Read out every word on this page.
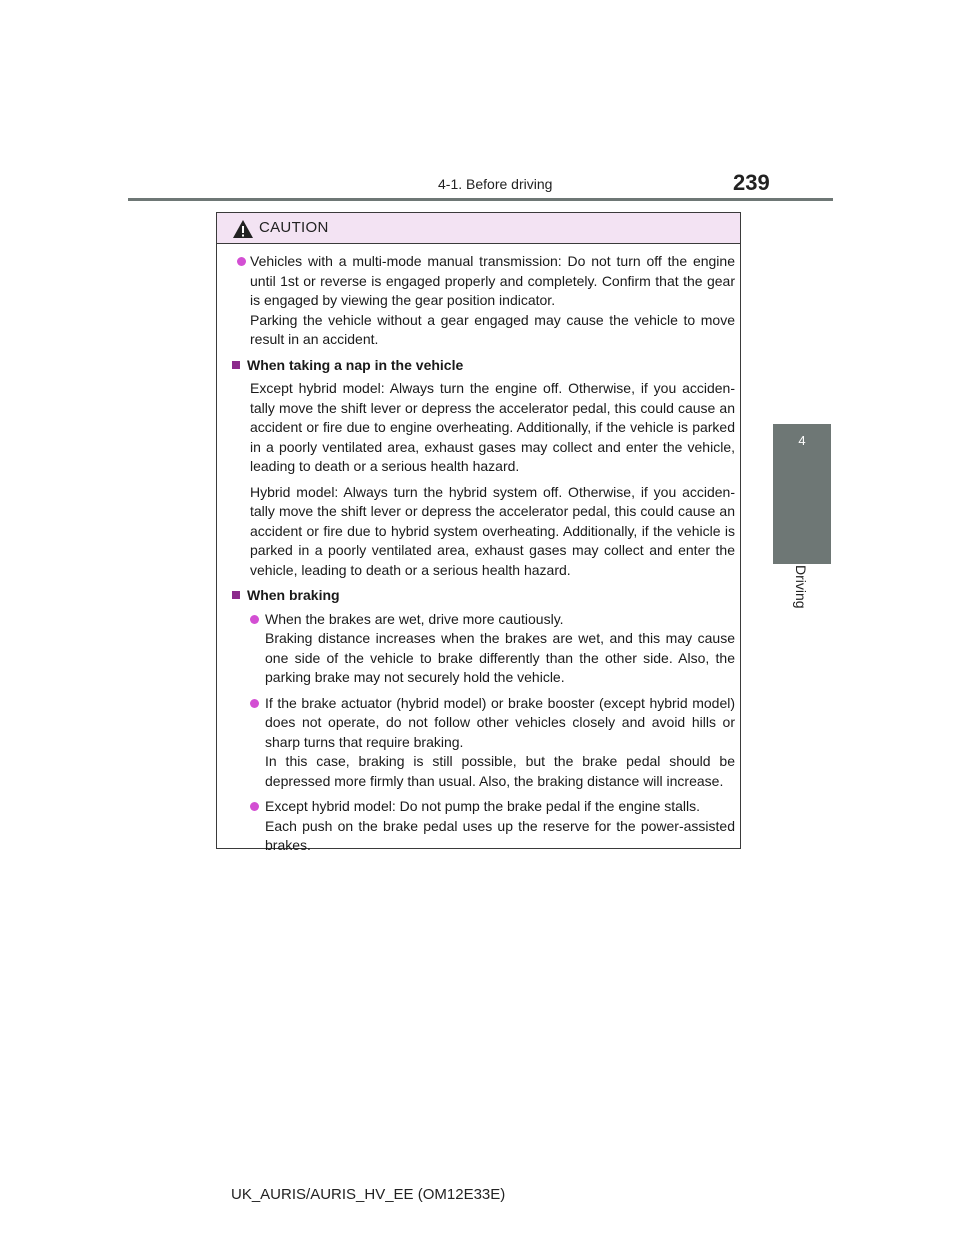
4-1. Before driving	239
4
Driving
CAUTION
Vehicles with a multi-mode manual transmission: Do not turn off the engine until 1st or reverse is engaged properly and completely. Confirm that the gear is engaged by viewing the gear position indicator.
Parking the vehicle without a gear engaged may cause the vehicle to move result in an accident.
When taking a nap in the vehicle
Except hybrid model: Always turn the engine off. Otherwise, if you acciden-tally move the shift lever or depress the accelerator pedal, this could cause an accident or fire due to engine overheating. Additionally, if the vehicle is parked in a poorly ventilated area, exhaust gases may collect and enter the vehicle, leading to death or a serious health hazard.
Hybrid model: Always turn the hybrid system off. Otherwise, if you acciden-tally move the shift lever or depress the accelerator pedal, this could cause an accident or fire due to hybrid system overheating. Additionally, if the vehicle is parked in a poorly ventilated area, exhaust gases may collect and enter the vehicle, leading to death or a serious health hazard.
When braking
When the brakes are wet, drive more cautiously.
Braking distance increases when the brakes are wet, and this may cause one side of the vehicle to brake differently than the other side. Also, the parking brake may not securely hold the vehicle.
If the brake actuator (hybrid model) or brake booster (except hybrid model) does not operate, do not follow other vehicles closely and avoid hills or sharp turns that require braking.
In this case, braking is still possible, but the brake pedal should be depressed more firmly than usual. Also, the braking distance will increase.
Except hybrid model: Do not pump the brake pedal if the engine stalls.
Each push on the brake pedal uses up the reserve for the power-assisted brakes.
UK_AURIS/AURIS_HV_EE (OM12E33E)
